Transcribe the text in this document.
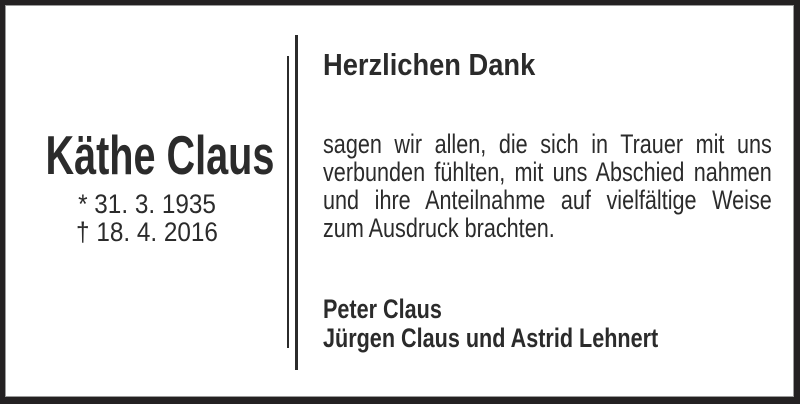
Käthe Claus
* 31. 3. 1935
† 18. 4. 2016
Herzlichen Dank
sagen wir allen, die sich in Trauer mit uns
verbunden fühlten, mit uns Abschied nahmen
und ihre Anteilnahme auf vielfältige Weise
zum Ausdruck brachten.
Peter Claus
Jürgen Claus und Astrid Lehnert
